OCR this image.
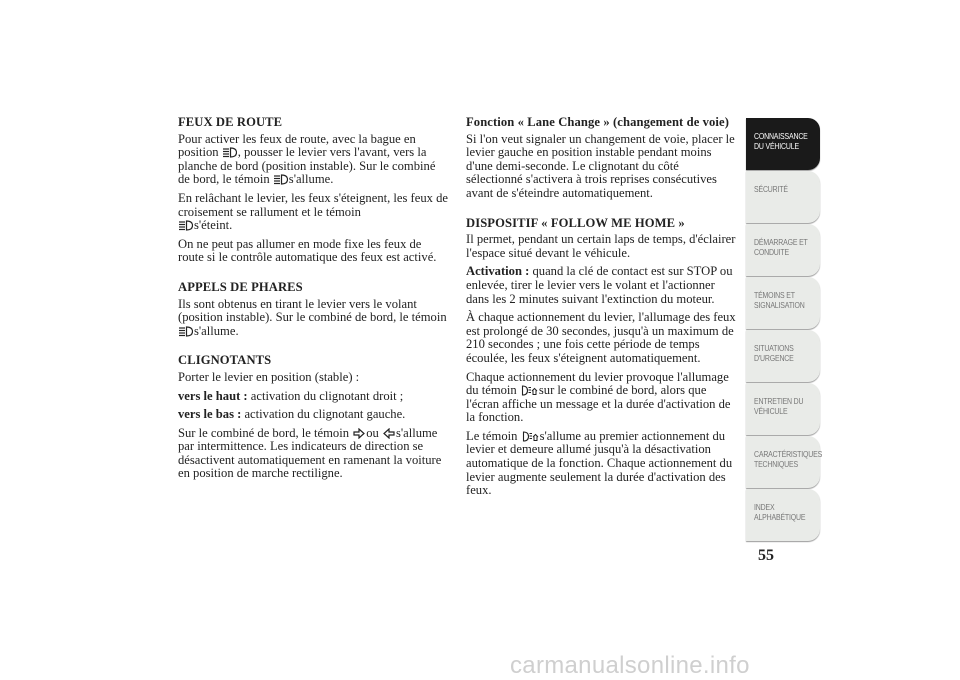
FEUX DE ROUTE

Pour activer les feux de route, avec la bague en position , pousser le levier vers l'avant, vers la planche de bord (position instable). Sur le combiné de bord, le témoin s'allume.

En relâchant le levier, les feux s'éteignent, les feux de croisement se rallument et le témoin

s'éteint.

On ne peut pas allumer en mode fixe les feux de route si le contrôle automatique des feux est activé.

APPELS DE PHARES

Ils sont obtenus en tirant le levier vers le volant (position instable). Sur le combiné de bord, le témoin
s'allume.

CLIGNOTANTS

Porter le levier en position (stable) :

vers le haut : activation du clignotant droit ;

vers le bas : activation du clignotant gauche.

Sur le combiné de bord, le témoin ou s'allume par intermittence. Les indicateurs de direction se désactivent automatiquement en ramenant la voiture en position de marche rectiligne.

Fonction « Lane Change » (changement de voie)

Si l'on veut signaler un changement de voie, placer le levier gauche en position instable pendant moins d'une demi-seconde. Le clignotant du côté sélectionné s'activera à trois reprises consécutives avant de s'éteindre automatiquement.

DISPOSITIF « FOLLOW ME HOME »

Il permet, pendant un certain laps de temps, d'éclairer l'espace situé devant le véhicule.

Activation : quand la clé de contact est sur STOP ou enlevée, tirer le levier vers le volant et l'actionner dans les 2 minutes suivant l'extinction du moteur.

À chaque actionnement du levier, l'allumage des feux est prolongé de 30 secondes, jusqu'à un maximum de 210 secondes ; une fois cette période de temps écoulée, les feux s'éteignent automatiquement.

Chaque actionnement du levier provoque l'allumage du témoin sur le combiné de bord, alors que l'écran affiche un message et la durée d'activation de la fonction.

Le témoin s'allume au premier actionnement du levier et demeure allumé jusqu'à la désactivation automatique de la fonction. Chaque actionnement du levier augmente seulement la durée d'activation des feux.

CONNAISSANCE DU VÉHICULE
SÉCURITÉ
DÉMARRAGE ET CONDUITE
TÉMOINS ET SIGNALISATION
SITUATIONS D'URGENCE
ENTRETIEN DU VÉHICULE
CARACTÉRISTIQUES TECHNIQUES
INDEX ALPHABÉTIQUE
55
carmanualsonline.info
